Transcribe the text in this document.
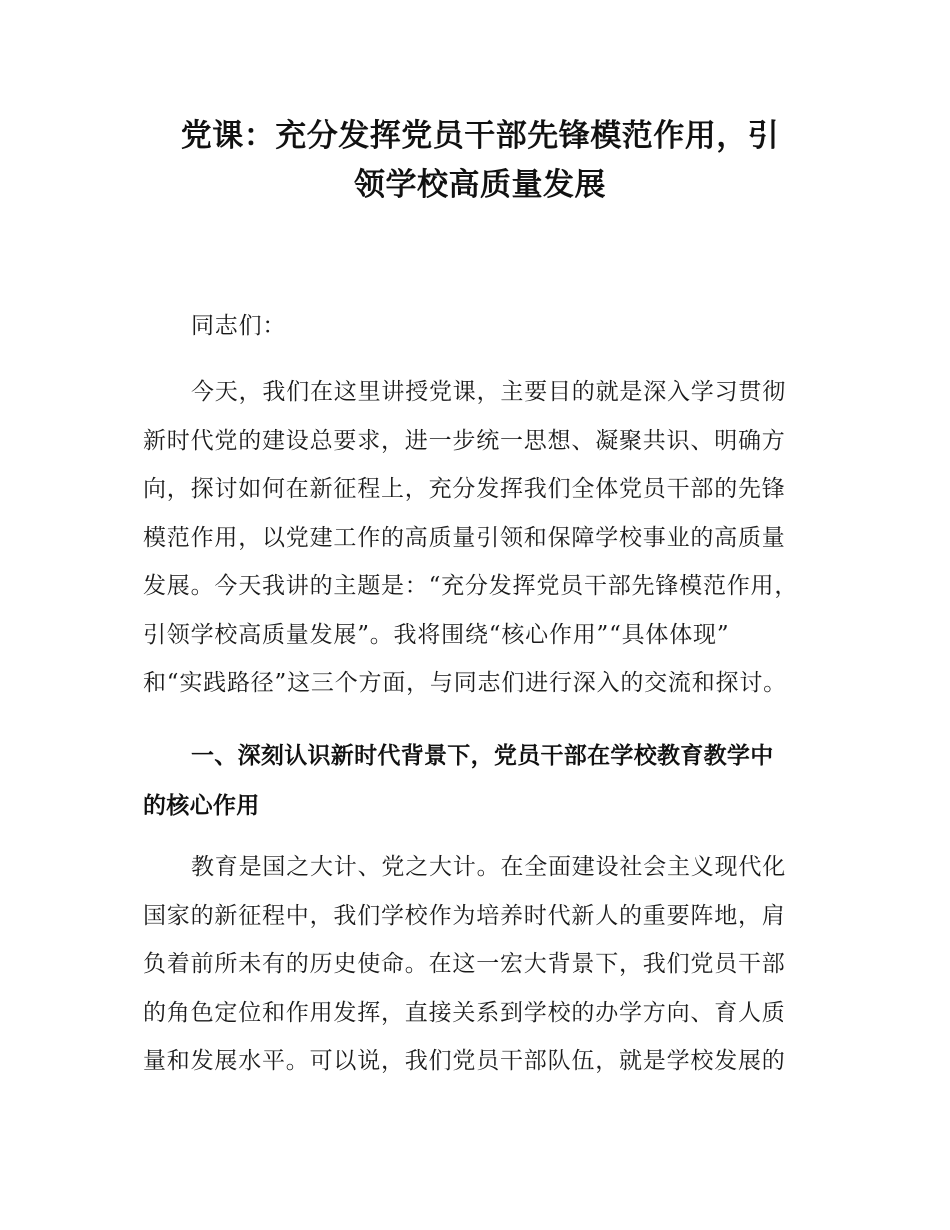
党课：充分发挥党员干部先锋模范作用，引
领学校高质量发展

同志们：

今天，我们在这里讲授党课，主要目的就是深入学习贯彻
新时代党的建设总要求，进一步统一思想、凝聚共识、明确方
向，探讨如何在新征程上，充分发挥我们全体党员干部的先锋
模范作用，以党建工作的高质量引领和保障学校事业的高质量
发展。今天我讲的主题是：“充分发挥党员干部先锋模范作用，
引领学校高质量发展”。我将围绕“核心作用”“具体体现”
和“实践路径”这三个方面，与同志们进行深入的交流和探讨。

一、深刻认识新时代背景下，党员干部在学校教育教学中
的核心作用

教育是国之大计、党之大计。在全面建设社会主义现代化
国家的新征程中，我们学校作为培养时代新人的重要阵地，肩
负着前所未有的历史使命。在这一宏大背景下，我们党员干部
的角色定位和作用发挥，直接关系到学校的办学方向、育人质
量和发展水平。可以说，我们党员干部队伍，就是学校发展的
